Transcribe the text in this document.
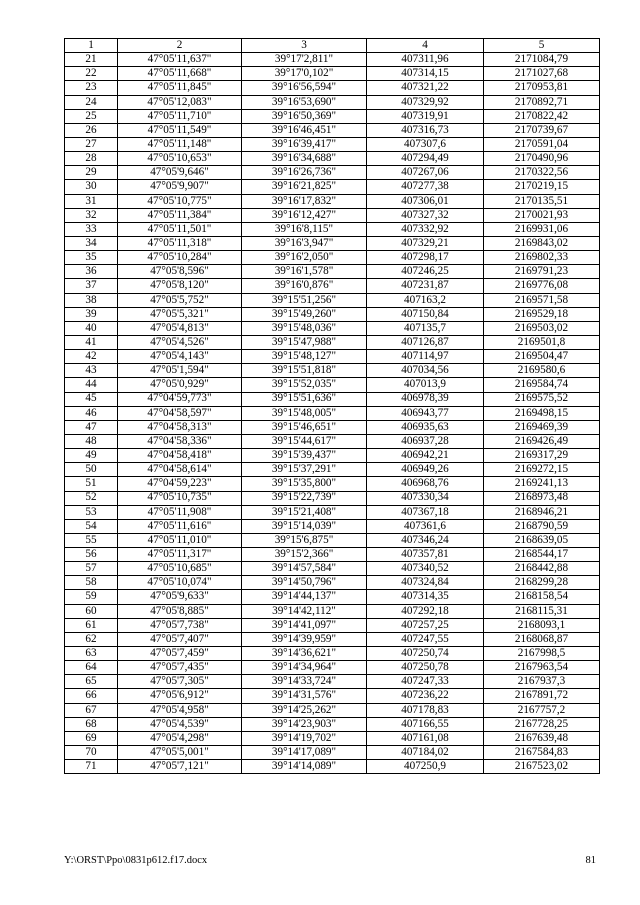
1	2	3	4	5
21	47°05'11,637"	39°17'2,811"	407311,96	2171084,79
22	47°05'11,668"	39°17'0,102"	407314,15	2171027,68
23	47°05'11,845"	39°16'56,594"	407321,22	2170953,81
24	47°05'12,083"	39°16'53,690"	407329,92	2170892,71
25	47°05'11,710"	39°16'50,369"	407319,91	2170822,42
26	47°05'11,549"	39°16'46,451"	407316,73	2170739,67
27	47°05'11,148"	39°16'39,417"	407307,6	2170591,04
28	47°05'10,653"	39°16'34,688"	407294,49	2170490,96
29	47°05'9,646"	39°16'26,736"	407267,06	2170322,56
30	47°05'9,907"	39°16'21,825"	407277,38	2170219,15
31	47°05'10,775"	39°16'17,832"	407306,01	2170135,51
32	47°05'11,384"	39°16'12,427"	407327,32	2170021,93
33	47°05'11,501"	39°16'8,115"	407332,92	2169931,06
34	47°05'11,318"	39°16'3,947"	407329,21	2169843,02
35	47°05'10,284"	39°16'2,050"	407298,17	2169802,33
36	47°05'8,596"	39°16'1,578"	407246,25	2169791,23
37	47°05'8,120"	39°16'0,876"	407231,87	2169776,08
38	47°05'5,752"	39°15'51,256"	407163,2	2169571,58
39	47°05'5,321"	39°15'49,260"	407150,84	2169529,18
40	47°05'4,813"	39°15'48,036"	407135,7	2169503,02
41	47°05'4,526"	39°15'47,988"	407126,87	2169501,8
42	47°05'4,143"	39°15'48,127"	407114,97	2169504,47
43	47°05'1,594"	39°15'51,818"	407034,56	2169580,6
44	47°05'0,929"	39°15'52,035"	407013,9	2169584,74
45	47°04'59,773"	39°15'51,636"	406978,39	2169575,52
46	47°04'58,597"	39°15'48,005"	406943,77	2169498,15
47	47°04'58,313"	39°15'46,651"	406935,63	2169469,39
48	47°04'58,336"	39°15'44,617"	406937,28	2169426,49
49	47°04'58,418"	39°15'39,437"	406942,21	2169317,29
50	47°04'58,614"	39°15'37,291"	406949,26	2169272,15
51	47°04'59,223"	39°15'35,800"	406968,76	2169241,13
52	47°05'10,735"	39°15'22,739"	407330,34	2168973,48
53	47°05'11,908"	39°15'21,408"	407367,18	2168946,21
54	47°05'11,616"	39°15'14,039"	407361,6	2168790,59
55	47°05'11,010"	39°15'6,875"	407346,24	2168639,05
56	47°05'11,317"	39°15'2,366"	407357,81	2168544,17
57	47°05'10,685"	39°14'57,584"	407340,52	2168442,88
58	47°05'10,074"	39°14'50,796"	407324,84	2168299,28
59	47°05'9,633"	39°14'44,137"	407314,35	2168158,54
60	47°05'8,885"	39°14'42,112"	407292,18	2168115,31
61	47°05'7,738"	39°14'41,097"	407257,25	2168093,1
62	47°05'7,407"	39°14'39,959"	407247,55	2168068,87
63	47°05'7,459"	39°14'36,621"	407250,74	2167998,5
64	47°05'7,435"	39°14'34,964"	407250,78	2167963,54
65	47°05'7,305"	39°14'33,724"	407247,33	2167937,3
66	47°05'6,912"	39°14'31,576"	407236,22	2167891,72
67	47°05'4,958"	39°14'25,262"	407178,83	2167757,2
68	47°05'4,539"	39°14'23,903"	407166,55	2167728,25
69	47°05'4,298"	39°14'19,702"	407161,08	2167639,48
70	47°05'5,001"	39°14'17,089"	407184,02	2167584,83
71	47°05'7,121"	39°14'14,089"	407250,9	2167523,02
Y:\ORST\Ppo\0831p612.f17.docx	81
